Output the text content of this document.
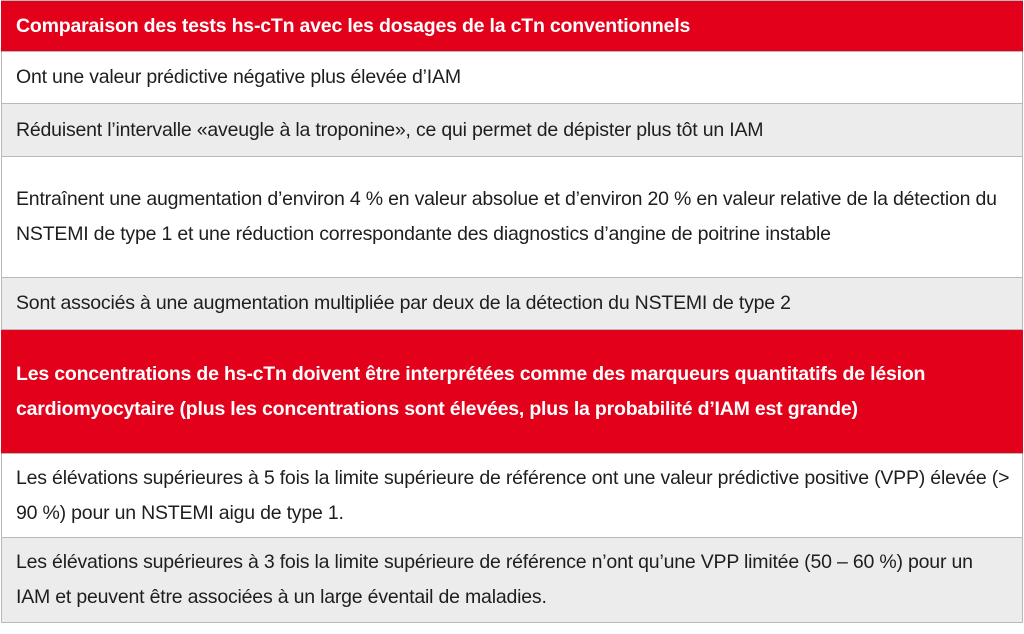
Comparaison des tests hs-cTn avec les dosages de la cTn conventionnels
Ont une valeur prédictive négative plus élevée d’IAM
Réduisent l’intervalle «aveugle à la troponine», ce qui permet de dépister plus tôt un IAM
Entraînent une augmentation d’environ 4 % en valeur absolue et d’environ 20 % en valeur relative de la détection du NSTEMI de type 1 et une réduction correspondante des diagnostics d’angine de poitrine instable
Sont associés à une augmentation multipliée par deux de la détection du NSTEMI de type 2
Les concentrations de hs-cTn doivent être interprétées comme des marqueurs quantitatifs de lésion cardiomyocytaire (plus les concentrations sont élevées, plus la probabilité d’IAM est grande)
Les élévations supérieures à 5 fois la limite supérieure de référence ont une valeur prédictive positive (VPP) élevée (> 90 %) pour un NSTEMI aigu de type 1.
Les élévations supérieures à 3 fois la limite supérieure de référence n’ont qu’une VPP limitée (50 – 60 %) pour un IAM et peuvent être associées à un large éventail de maladies.
